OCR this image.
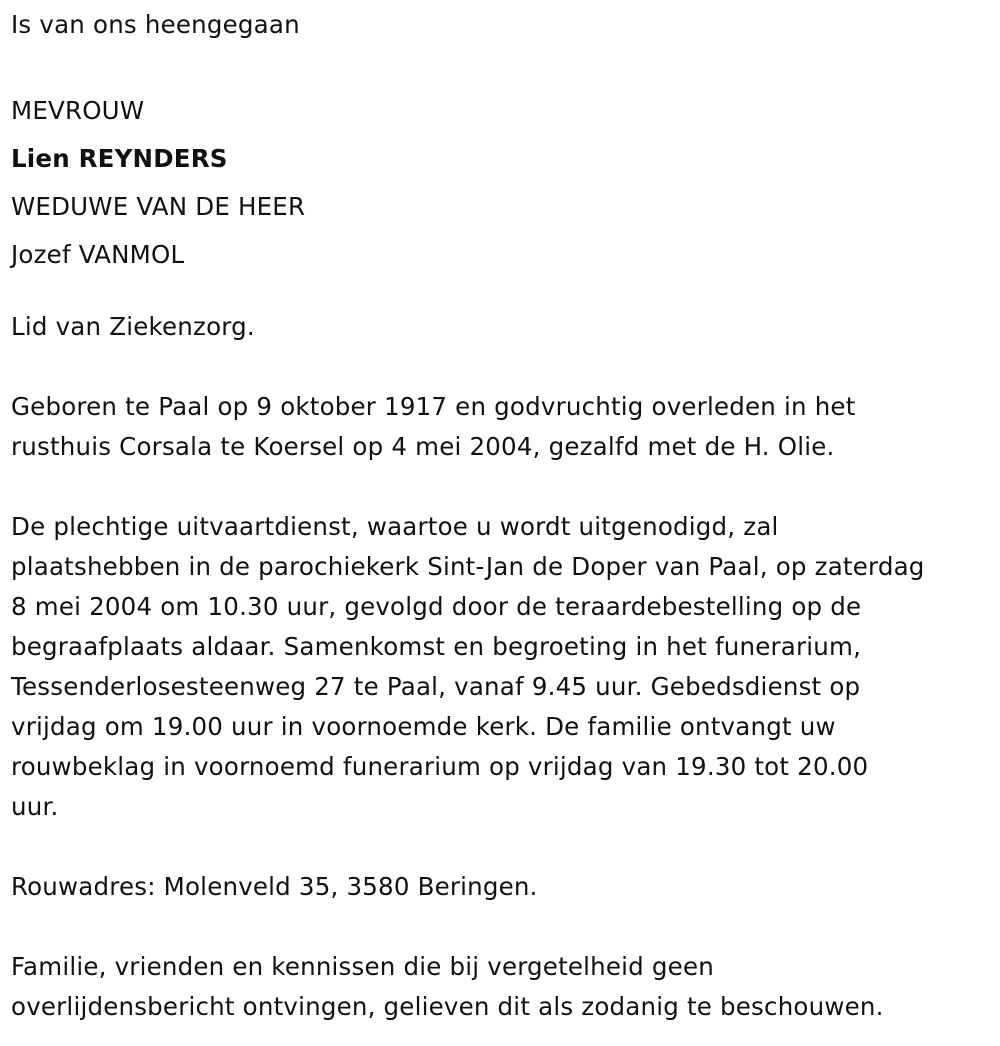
Is van ons heengegaan
MEVROUW
Lien REYNDERS
WEDUWE VAN DE HEER
Jozef VANMOL

Lid van Ziekenzorg.

Geboren te Paal op 9 oktober 1917 en godvruchtig overleden in het
rusthuis Corsala te Koersel op 4 mei 2004, gezalfd met de H. Olie.

De plechtige uitvaartdienst, waartoe u wordt uitgenodigd, zal
plaatshebben in de parochiekerk Sint-Jan de Doper van Paal, op zaterdag
8 mei 2004 om 10.30 uur, gevolgd door de teraardebestelling op de
begraafplaats aldaar. Samenkomst en begroeting in het funerarium,
Tessenderlosesteenweg 27 te Paal, vanaf 9.45 uur. Gebedsdienst op
vrijdag om 19.00 uur in voornoemde kerk. De familie ontvangt uw
rouwbeklag in voornoemd funerarium op vrijdag van 19.30 tot 20.00
uur.

Rouwadres: Molenveld 35, 3580 Beringen.

Familie, vrienden en kennissen die bij vergetelheid geen
overlijdensbericht ontvingen, gelieven dit als zodanig te beschouwen.
